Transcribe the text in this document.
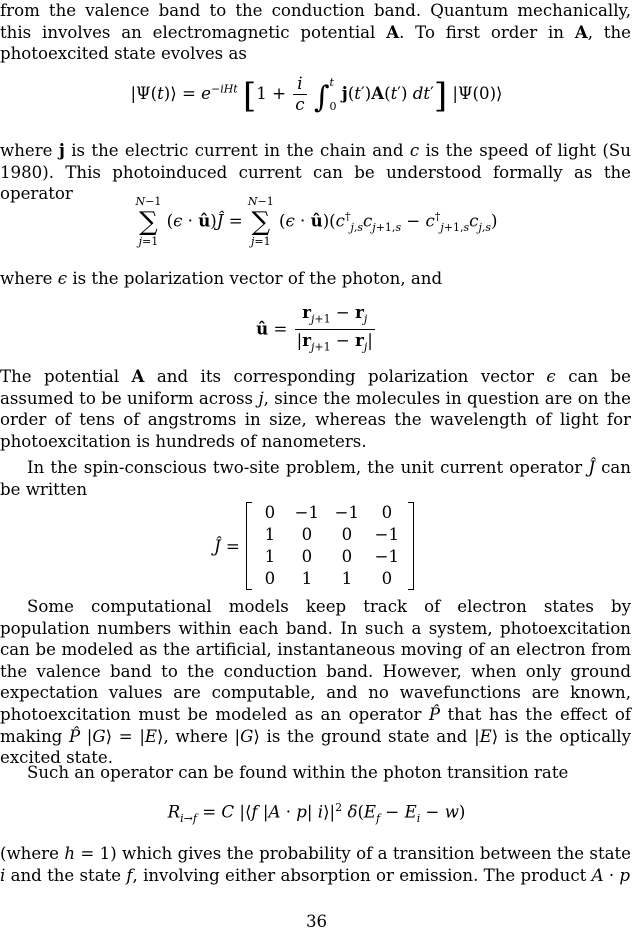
from the valence band to the conduction band. Quantum mechanically, this involves an electromagnetic potential A. To first order in A, the photoexcited state evolves as

|Ψ(t)⟩ = $e^{-iHt}$ [$1 + \frac{i}{c} \int t$

0 j(t′)A(t′) dt′] |Ψ(0)⟩

where j is the electric current in the chain and c is the speed of light (Su 1980). This photoinduced current can be understood formally as the operator	N−1
∑
j=1
(ϵ · û)Ĵ =
N−1
∑
j=1
$(\epsilon \cdot û)(c^\dagger_{j,s}c_{j+1,s} - c^\dagger_{j+1,s}c_{j,s})$

where ϵ is the polarization vector of the photon, and

û = $\frac{r_{j+1} - r_j}{|r_{j+1} - r_j|}$

The potential A and its corresponding polarization vector ϵ can be assumed to be uniform across j, since the molecules in question are on the order of tens of angstroms in size, whereas the wavelength of light for photoexcitation is hundreds of nanometers.

In the spin-conscious two-site problem, the unit current operator Ĵ can be written

Ĵ =
0	−1 −1	0
1	0	0	−1
1	0	0	−1
0	1	1	0

Some computational models keep track of electron states by population numbers within each band. In such a system, photoexcitation can be modeled as the artificial, instantaneous moving of an electron from the valence band to the conduction band. However, when only ground expectation values are computable, and no wavefunctions are known, photoexcitation must be modeled as an operator P̂ that has the effect of making P̂ |G⟩ = |E⟩, where |G⟩ is the ground state and |E⟩ is the optically excited state.

Such an operator can be found within the photon transition rate

$R_{i\to f} = C$ |⟨f |A · p| $i⟩|^2$ $\delta(E_f - E_i - w)$

(where h = 1) which gives the probability of a transition between the state i and the state f, involving either absorption or emission. The product A · p

36
